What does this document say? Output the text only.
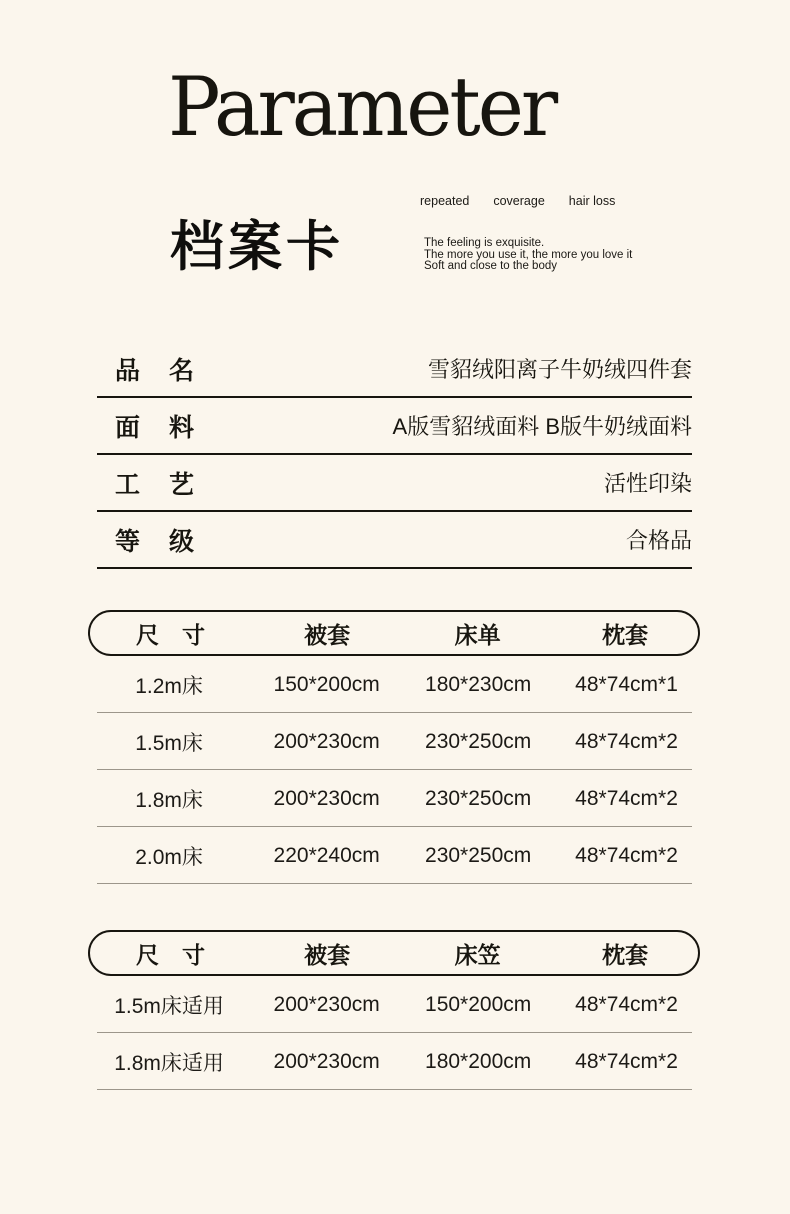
Parameter
档案卡
repeated coverage hair loss
The feeling is exquisite.
The more you use it, the more you love it
Soft and close to the body
品　名	雪貂绒阳离子牛奶绒四件套
面　料	A版雪貂绒面料 B版牛奶绒面料
工　艺	活性印染
等　级	合格品
尺　寸	被套	床单	枕套
1.2m床	150*200cm	180*230cm	48*74cm*1
1.5m床	200*230cm	230*250cm	48*74cm*2
1.8m床	200*230cm	230*250cm	48*74cm*2
2.0m床	220*240cm	230*250cm	48*74cm*2
尺　寸	被套	床笠	枕套
1.5m床适用	200*230cm	150*200cm	48*74cm*2
1.8m床适用	200*230cm	180*200cm	48*74cm*2
